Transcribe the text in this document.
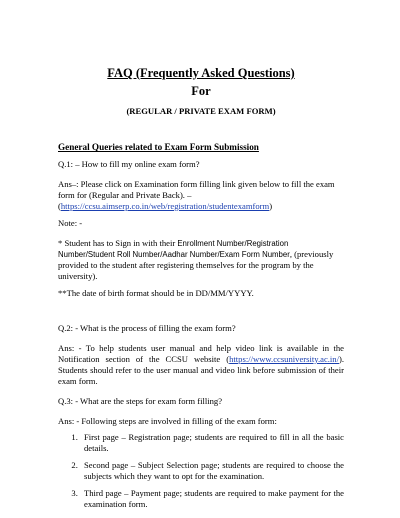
FAQ (Frequently Asked Questions)
For
(REGULAR / PRIVATE EXAM FORM)
General Queries related to Exam Form Submission

Q.1: – How to fill my online exam form?

Ans–: Please click on Examination form filling link given below to fill the exam form for (Regular and Private Back). – (https://ccsu.aimserp.co.in/web/registration/studentexamform)

Note: -

* Student has to Sign in with their Enrollment Number/Registration Number/Student Roll Number/Aadhar Number/Exam Form Number, (previously provided to the student after registering themselves for the program by the university).

**The date of birth format should be in DD/MM/YYYY.

Q.2: - What is the process of filling the exam form?

Ans: - To help students user manual and help video link is available in the Notification section of the CCSU website (https://www.ccsuniversity.ac.in/). Students should refer to the user manual and video link before submission of their exam form.

Q.3: - What are the steps for exam form filling?

Ans: - Following steps are involved in filling of the exam form:

1. First page – Registration page; students are required to fill in all the basic details.
2. Second page – Subject Selection page; students are required to choose the subjects which they want to opt for the examination.
3. Third page – Payment page; students are required to make payment for the examination form.
